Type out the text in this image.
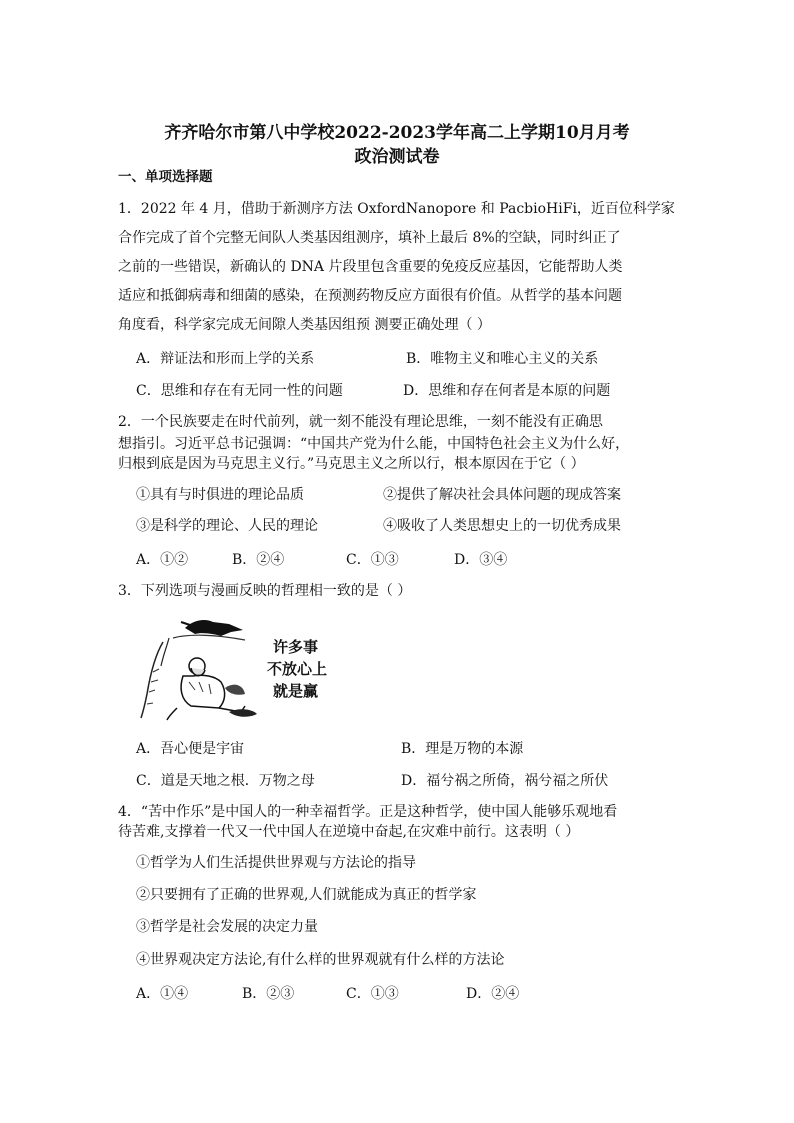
齐齐哈尔市第八中学校2022-2023学年高二上学期10月月考
政治测试卷
一、单项选择题
1．2022 年 4 月，借助于新测序方法 OxfordNanopore 和 PacbioHiFi，近百位科学家
合作完成了首个完整无间队人类基因组测序，填补上最后 8%的空缺，同时纠正了
之前的一些错误，新确认的 DNA 片段里包含重要的免疫反应基因，它能帮助人类
适应和抵御病毒和细菌的感染，在预测药物反应方面很有价值。从哲学的基本问题
角度看，科学家完成无间隙人类基因组预 测要正确处理（ ）
A．辩证法和形而上学的关系	B．唯物主义和唯心主义的关系
C．思维和存在有无同一性的问题	D．思维和存在何者是本原的问题
2．一个民族要走在时代前列，就一刻不能没有理论思维，一刻不能没有正确思
想指引。习近平总书记强调：“中国共产党为什么能，中国特色社会主义为什么好，
归根到底是因为马克思主义行。”马克思主义之所以行，根本原因在于它（ ）
①具有与时俱进的理论品质	②提供了解决社会具体问题的现成答案
③是科学的理论、人民的理论	④吸收了人类思想史上的一切优秀成果
A．①②	B．②④	C．①③	D．③④
3．下列选项与漫画反映的哲理相一致的是（ ）
许多事
不放心上
就是赢
A．吾心便是宇宙	B．理是万物的本源
C．道是天地之根．万物之母	D．福兮祸之所倚，祸兮福之所伏
4．“苦中作乐”是中国人的一种幸福哲学。正是这种哲学，使中国人能够乐观地看
待苦难,支撑着一代又一代中国人在逆境中奋起,在灾难中前行。这表明（ ）
①哲学为人们生活提供世界观与方法论的指导
②只要拥有了正确的世界观,人们就能成为真正的哲学家
③哲学是社会发展的决定力量
④世界观决定方法论,有什么样的世界观就有什么样的方法论
A．①④	B．②③	C．①③	D．②④
